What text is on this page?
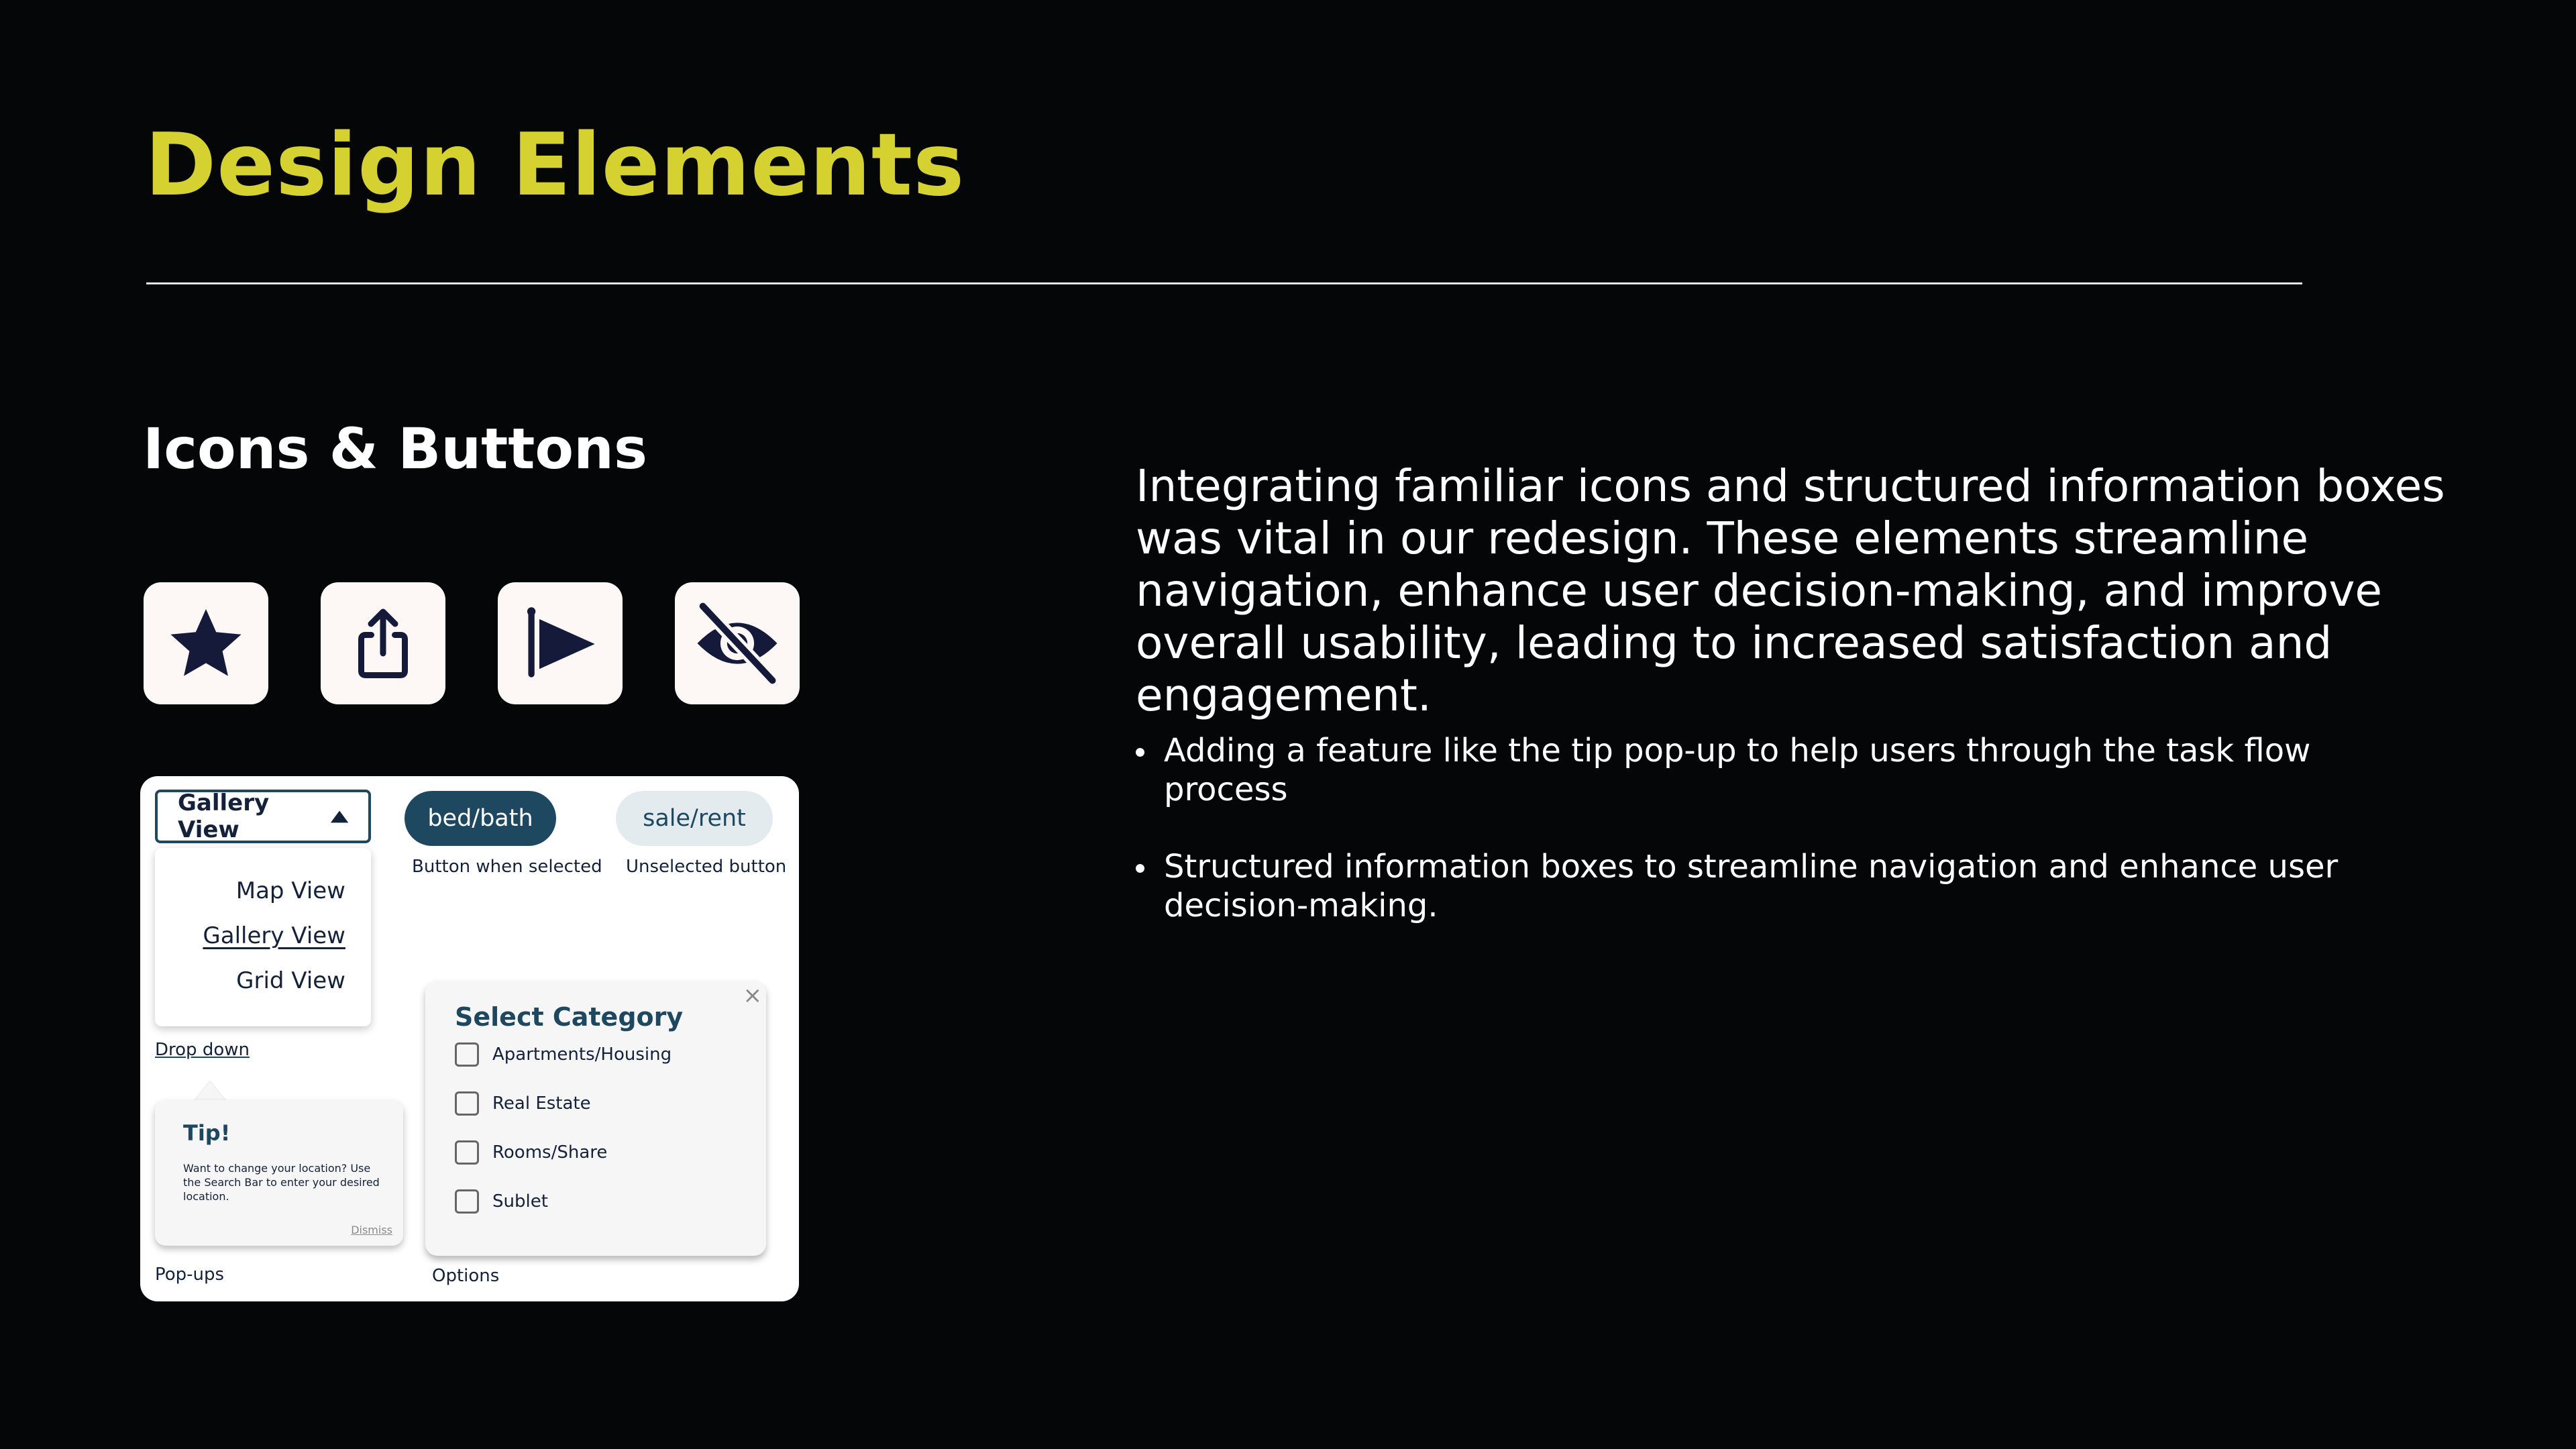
Design Elements
Icons & Buttons
Gallery View
Map View
Gallery View
Grid View
Drop down
bed/bath
Button when selected
sale/rent
Unselected button
Select Category
×
Apartments/Housing
Real Estate
Rooms/Share
Sublet
Options
Tip!
Want to change your location? Use the Search Bar to enter your desired location.
Dismiss
Pop-ups

Integrating familiar icons and structured information boxes was vital in our redesign. These elements streamline navigation, enhance user decision-making, and improve overall usability, leading to increased satisfaction and engagement.

Adding a feature like the tip pop-up to help users through the task flow process
Structured information boxes to streamline navigation and enhance user decision-making.
